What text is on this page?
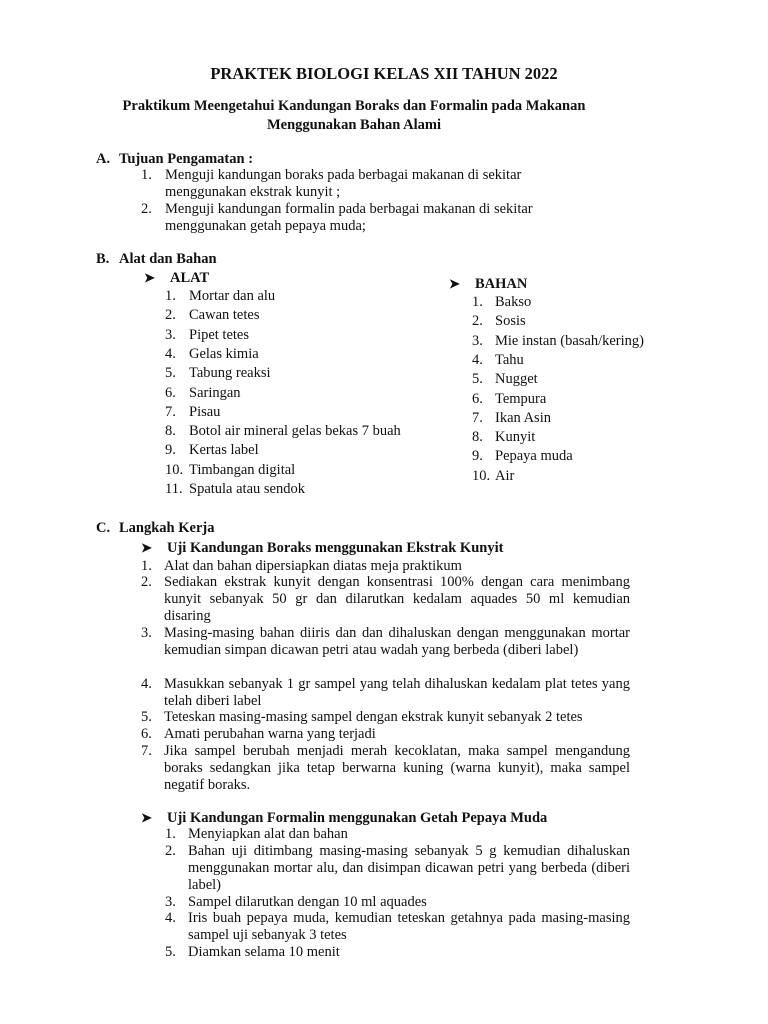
PRAKTEK BIOLOGI KELAS XII TAHUN 2022
Praktikum Meengetahui Kandungan Boraks dan Formalin pada Makanan
Menggunakan Bahan Alami
A. Tujuan Pengamatan :
1. Menguji kandungan boraks pada berbagai makanan di sekitar
menggunakan ekstrak kunyit ;
2. Menguji kandungan formalin pada berbagai makanan di sekitar
menggunakan getah pepaya muda;
B. Alat dan Bahan
➤ ALAT
1. Mortar dan alu
2. Cawan tetes
3. Pipet tetes
4. Gelas kimia
5. Tabung reaksi
6. Saringan
7. Pisau
8. Botol air mineral gelas bekas 7 buah
9. Kertas label
10. Timbangan digital
11. Spatula atau sendok
➤ BAHAN
1. Bakso
2. Sosis
3. Mie instan (basah/kering)
4. Tahu
5. Nugget
6. Tempura
7. Ikan Asin
8. Kunyit
9. Pepaya muda
10. Air
C. Langkah Kerja
➤ Uji Kandungan Boraks menggunakan Ekstrak Kunyit
1. Alat dan bahan dipersiapkan diatas meja praktikum
2. Sediakan ekstrak kunyit dengan konsentrasi 100% dengan cara menimbang kunyit sebanyak 50 gr dan dilarutkan kedalam aquades 50 ml kemudian disaring
3. Masing-masing bahan diiris dan dan dihaluskan dengan menggunakan mortar kemudian simpan dicawan petri atau wadah yang berbeda (diberi label)
4. Masukkan sebanyak 1 gr sampel yang telah dihaluskan kedalam plat tetes yang telah diberi label
5. Teteskan masing-masing sampel dengan ekstrak kunyit sebanyak 2 tetes
6. Amati perubahan warna yang terjadi
7. Jika sampel berubah menjadi merah kecoklatan, maka sampel mengandung boraks sedangkan jika tetap berwarna kuning (warna kunyit), maka sampel negatif boraks.
➤ Uji Kandungan Formalin menggunakan Getah Pepaya Muda
1. Menyiapkan alat dan bahan
2. Bahan uji ditimbang masing-masing sebanyak 5 g kemudian dihaluskan menggunakan mortar alu, dan disimpan dicawan petri yang berbeda (diberi label)
3. Sampel dilarutkan dengan 10 ml aquades
4. Iris buah pepaya muda, kemudian teteskan getahnya pada masing-masing sampel uji sebanyak 3 tetes
5. Diamkan selama 10 menit
